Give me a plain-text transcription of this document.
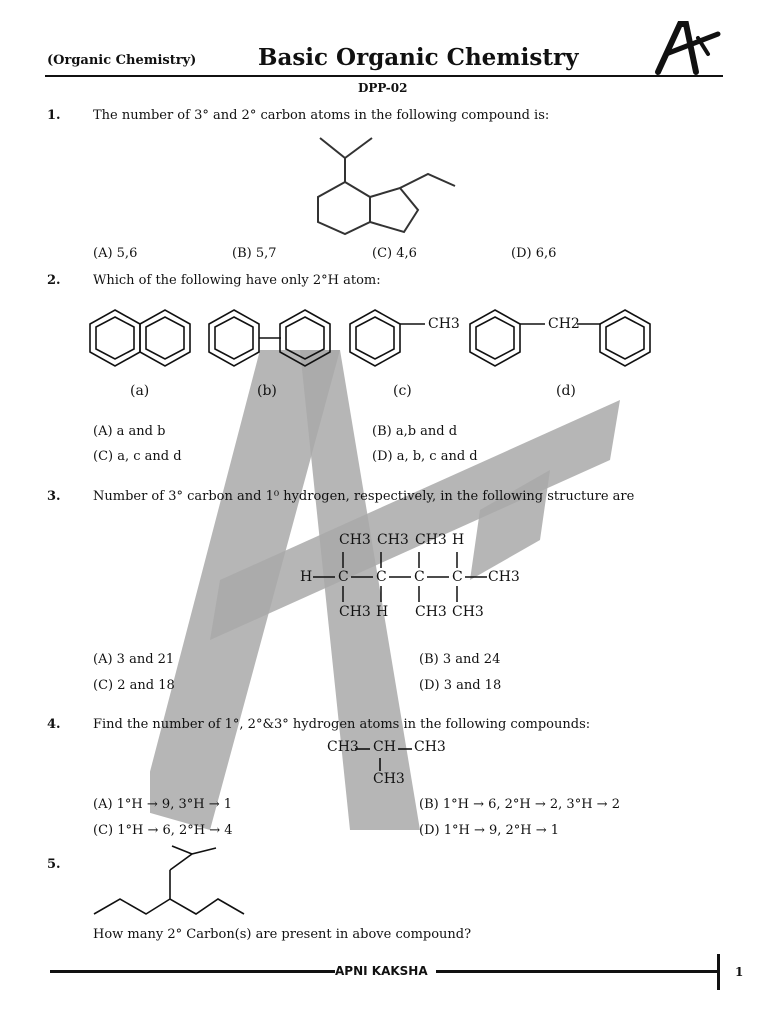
(Organic Chemistry)	Basic Organic Chemistry
DPP-02
1. The number of 3° and 2° carbon atoms in the following compound is:
(A) 5,6	(B) 5,7	(C) 4,6	(D) 6,6
2. Which of the following have only 2°H atom:
CH3	CH2
(a)	(b)	(c)	(d)
(A) a and b	(B) a,b and d
(C) a, c and d	(D) a, b, c and d
3. Number of 3° carbon and 1⁰ hydrogen, respectively, in the following structure are
CH3 CH3 CH3 H
H C C C C CH3
CH3 H CH3 CH3
(A) 3 and 21	(B) 3 and 24
(C) 2 and 18	(D) 3 and 18
4. Find the number of 1°, 2°&3° hydrogen atoms in the following compounds:
CH3 CH CH3
CH3
(A) 1°H → 9, 3°H → 1	(B) 1°H → 6, 2°H → 2, 3°H → 2
(C) 1°H → 6, 2°H → 4	(D) 1°H → 9, 2°H → 1
5.
How many 2° Carbon(s) are present in above compound?
APNI KAKSHA	1
